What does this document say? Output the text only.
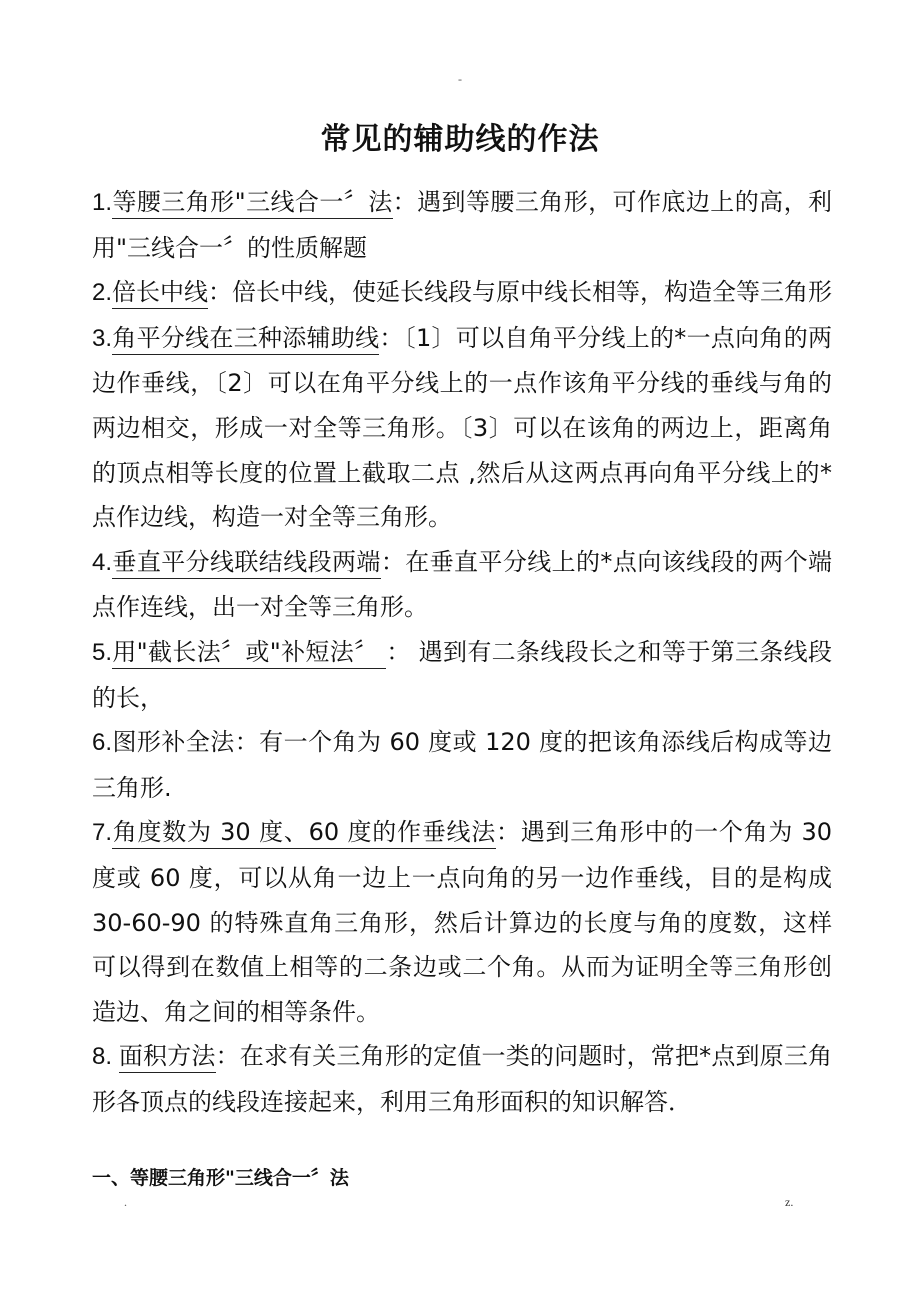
-
常见的辅助线的作法

1.等腰三角形"三线合一〞法：遇到等腰三角形，可作底边上的高，利用"三线合一〞的性质解题

2.倍长中线：倍长中线，使延长线段与原中线长相等，构造全等三角形

3.角平分线在三种添辅助线：〔1〕可以自角平分线上的*一点向角的两边作垂线，〔2〕可以在角平分线上的一点作该角平分线的垂线与角的两边相交，形成一对全等三角形。〔3〕可以在该角的两边上，距离角的顶点相等长度的位置上截取二点 ,然后从这两点再向角平分线上的*点作边线，构造一对全等三角形。

4.垂直平分线联结线段两端：在垂直平分线上的*点向该线段的两个端点作连线，出一对全等三角形。

5.用"截长法〞或"补短法〞 ： 遇到有二条线段长之和等于第三条线段的长，

6.图形补全法：有一个角为 60 度或 120 度的把该角添线后构成等边三角形.

7.角度数为 30 度、60 度的作垂线法：遇到三角形中的一个角为 30 度或 60 度，可以从角一边上一点向角的另一边作垂线，目的是构成 30-60-90 的特殊直角三角形，然后计算边的长度与角的度数，这样可以得到在数值上相等的二条边或二个角。从而为证明全等三角形创造边、角之间的相等条件。

8. 面积方法：在求有关三角形的定值一类的问题时，常把*点到原三角形各顶点的线段连接起来，利用三角形面积的知识解答．

一、等腰三角形"三线合一〞法
.	z.
